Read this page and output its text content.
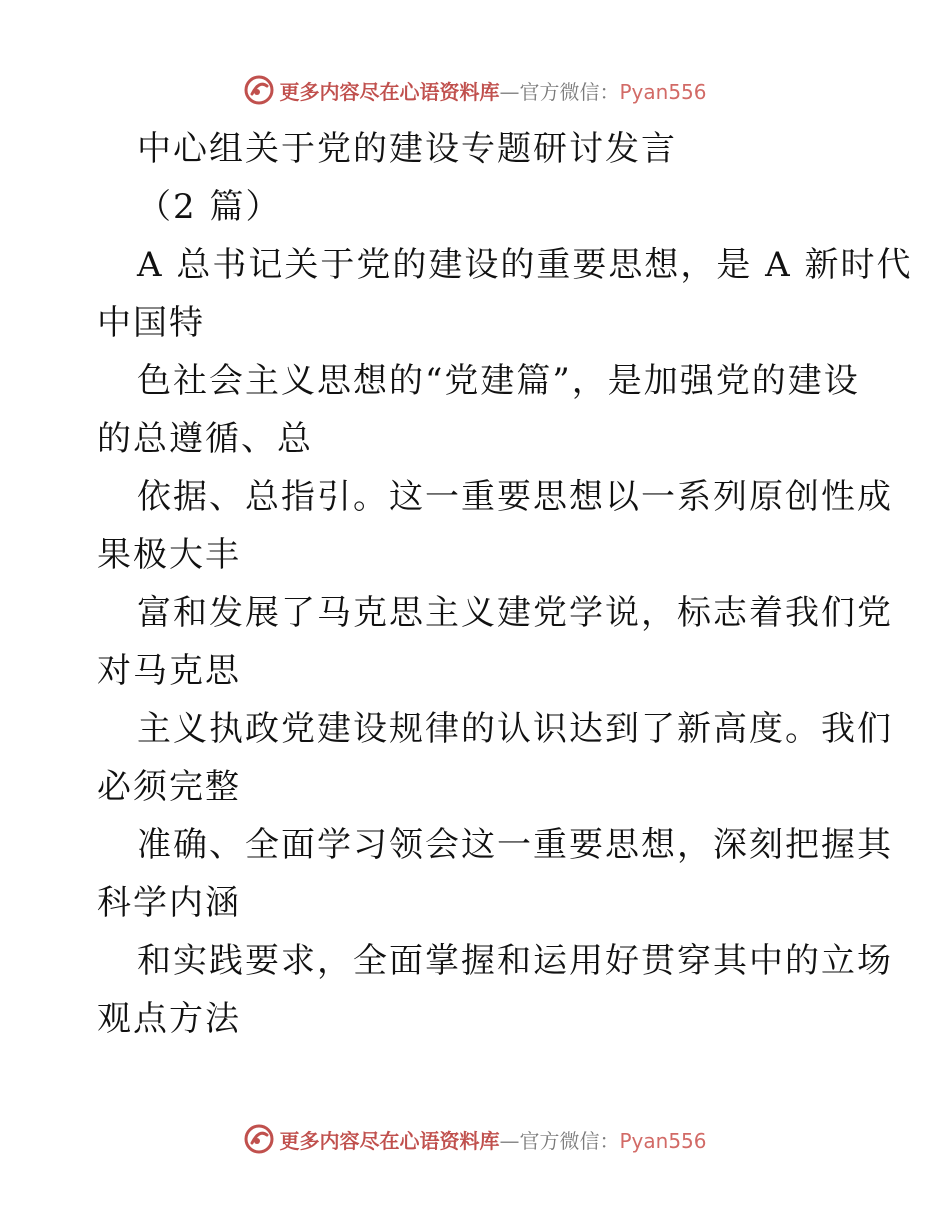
更多内容尽在心语资料库—官方微信：Pyan556
中心组关于党的建设专题研讨发言
（2 篇）
A 总书记关于党的建设的重要思想，是 A 新时代
中国特
色社会主义思想的“党建篇”，是加强党的建设
的总遵循、总
依据、总指引。这一重要思想以一系列原创性成
果极大丰
富和发展了马克思主义建党学说，标志着我们党
对马克思
主义执政党建设规律的认识达到了新高度。我们
必须完整
准确、全面学习领会这一重要思想，深刻把握其
科学内涵
和实践要求，全面掌握和运用好贯穿其中的立场
观点方法
更多内容尽在心语资料库—官方微信：Pyan556
